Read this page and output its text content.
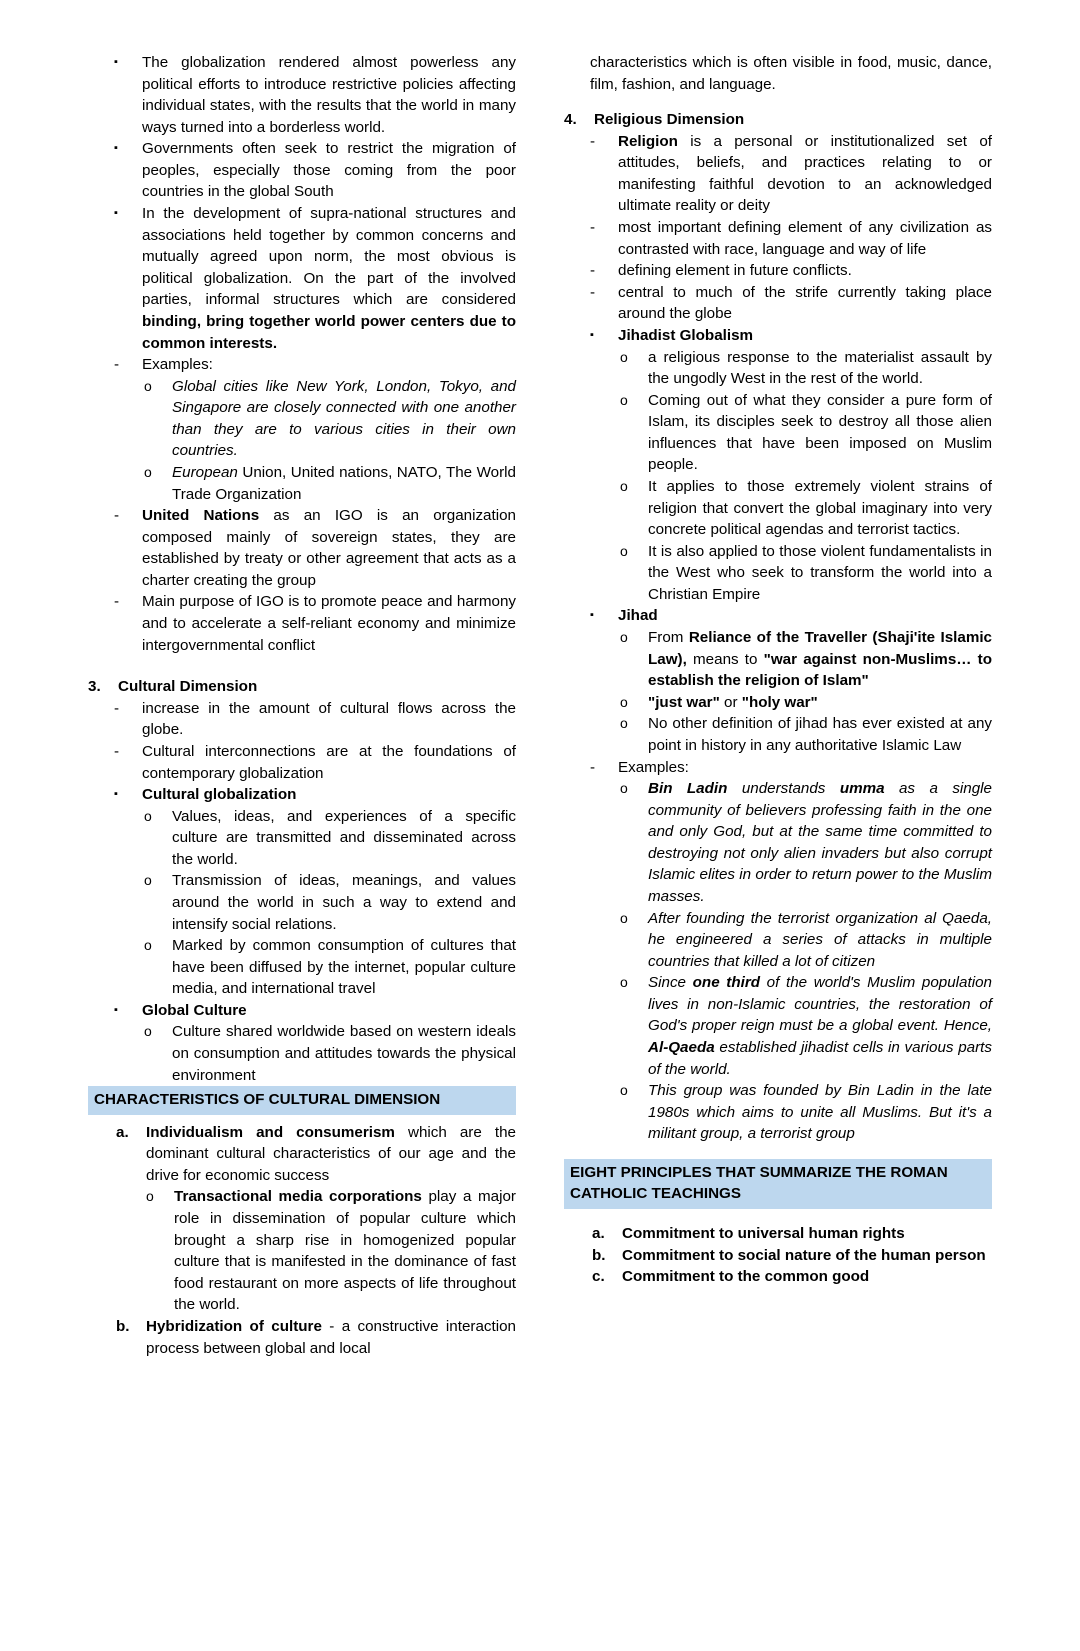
▪	The globalization rendered almost powerless any political efforts to introduce restrictive policies affecting individual states, with the results that the world in many ways turned into a borderless world.
▪	Governments often seek to restrict the migration of peoples, especially those coming from the poor countries in the global South
▪	In the development of supra-national structures and associations held together by common concerns and mutually agreed upon norm, the most obvious is political globalization. On the part of the involved parties, informal structures which are considered binding, bring together world power centers due to common interests.
-	Examples:
o	Global cities like New York, London, Tokyo, and Singapore are closely connected with one another than they are to various cities in their own countries.
o	European Union, United nations, NATO, The World Trade Organization
-	United Nations as an IGO is an organization composed mainly of sovereign states, they are established by treaty or other agreement that acts as a charter creating the group
-	Main purpose of IGO is to promote peace and harmony and to accelerate a self-reliant economy and minimize intergovernmental conflict
3.	Cultural Dimension
-	increase in the amount of cultural flows across the globe.
-	Cultural interconnections are at the foundations of contemporary globalization
▪	Cultural globalization
o	Values, ideas, and experiences of a specific culture are transmitted and disseminated across the world.
o	Transmission of ideas, meanings, and values around the world in such a way to extend and intensify social relations.
o	Marked by common consumption of cultures that have been diffused by the internet, popular culture media, and international travel
▪	Global Culture
o	Culture shared worldwide based on western ideals on consumption and attitudes towards the physical environment
CHARACTERISTICS OF CULTURAL DIMENSION
a.	Individualism and consumerism which are the dominant cultural characteristics of our age and the drive for economic success
o	Transactional media corporations play a major role in dissemination of popular culture which brought a sharp rise in homogenized popular culture that is manifested in the dominance of fast food restaurant on more aspects of life throughout the world.
b.	Hybridization of culture - a constructive interaction process between global and local
characteristics which is often visible in food, music, dance, film, fashion, and language.
4.	Religious Dimension
-	Religion is a personal or institutionalized set of attitudes, beliefs, and practices relating to or manifesting faithful devotion to an acknowledged ultimate reality or deity
-	most important defining element of any civilization as contrasted with race, language and way of life
-	defining element in future conflicts.
-	central to much of the strife currently taking place around the globe
▪	Jihadist Globalism
o	a religious response to the materialist assault by the ungodly West in the rest of the world.
o	Coming out of what they consider a pure form of Islam, its disciples seek to destroy all those alien influences that have been imposed on Muslim people.
o	It applies to those extremely violent strains of religion that convert the global imaginary into very concrete political agendas and terrorist tactics.
o	It is also applied to those violent fundamentalists in the West who seek to transform the world into a Christian Empire
▪	Jihad
o	From Reliance of the Traveller (Shaji'ite Islamic Law), means to "war against non-Muslims… to establish the religion of Islam"
o	"just war" or "holy war"
o	No other definition of jihad has ever existed at any point in history in any authoritative Islamic Law
-	Examples:
o	Bin Ladin understands umma as a single community of believers professing faith in the one and only God, but at the same time committed to destroying not only alien invaders but also corrupt Islamic elites in order to return power to the Muslim masses.
o	After founding the terrorist organization al Qaeda, he engineered a series of attacks in multiple countries that killed a lot of citizen
o	Since one third of the world's Muslim population lives in non-Islamic countries, the restoration of God's proper reign must be a global event. Hence, Al-Qaeda established jihadist cells in various parts of the world.
o	This group was founded by Bin Ladin in the late 1980s which aims to unite all Muslims. But it's a militant group, a terrorist group
EIGHT PRINCIPLES THAT SUMMARIZE THE ROMAN CATHOLIC TEACHINGS
a.	Commitment to universal human rights
b.	Commitment to social nature of the human person
c.	Commitment to the common good
